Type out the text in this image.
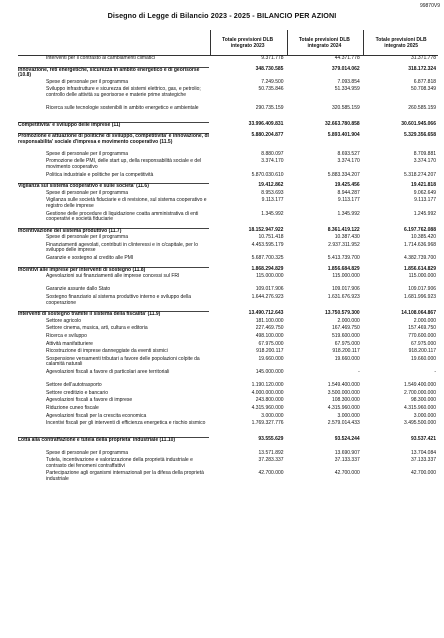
99870V9
Disegno di Legge di Bilancio 2023 - 2025 - BILANCIO PER AZIONI
Totale previsioni DLB integrato 2023
Totale previsioni DLB integrato 2024
Totale previsioni DLB integrato 2025
Interventi per il contrasto ai cambiamenti climatici	9.371.778	44.371.778	31.371.778
Innovazione, reti energetiche, sicurezza in ambito energetico e di georisorse (10.8)
348.730.585	379.014.062	318.172.324
Spese di personale per il programma	7.249.500	7.093.854	6.877.818
Sviluppo infrastrutture e sicurezza dei sistemi elettrico, gas, e petrolio; controllo delle attività su georisorse e materie prime strategiche
50.735.846	51.334.959	50.708.349
Ricerca sulle tecnologie sostenibili in ambito energetico e ambientale	290.735.159	320.585.159	260.585.159
Competitivita' e sviluppo delle imprese (11)	33.996.409.831	32.663.780.858	30.601.945.066
Promozione e attuazione di politiche di sviluppo, competitivita' e innovazione, di responsabilita' sociale d'impresa e movimento cooperativo (11.5)
5.880.204.877	5.893.401.904	5.329.356.658
Spese di personale per il programma	8.880.097	8.693.527	8.709.881
Promozione delle PMI, delle start up, della responsabilità sociale e del movimento cooperativo
3.374.170	3.374.170	3.374.170
Politica industriale e politiche per la competitività	5.870.030.610	5.883.334.207	5.318.274.207
Vigilanza sul sistema cooperativo e sulle societa' (11.6)	19.412.862	19.425.456	19.421.818
Spese di personale per il programma	8.953.693	8.944.287	9.062.649
Vigilanza sulle società fiduciarie e di revisione, sul sistema cooperativo e registro delle imprese
9.113.177	9.113.177	9.113.177
Gestione delle procedure di liquidazione coatta amministrativa di enti cooperativi e società fiduciarie
1.345.992	1.345.992	1.245.992
Incentivazione del sistema produttivo (11.7)	18.152.947.922	8.361.419.122	6.197.762.088
Spese di personale per il programma	10.751.418	10.387.430	10.385.420
Finanziamenti agevolati, contributi in c/interessi e in c/capitale, per lo sviluppo delle imprese
4.453.595.179	2.937.311.952	1.714.636.968
Garanzie e sostegno al credito alle PMI	5.687.700.325	5.413.739.700	4.382.739.700
Incentivi alle imprese per interventi di sostegno (11.8)	1.868.294.829	1.856.684.829	1.856.614.829
Agevolazioni sui finanziamenti alle imprese concessi sul FRI	115.000.000	115.000.000	115.000.000
Garanzie assunte dallo Stato	109.017.906	109.017.906	109.017.906
Sostegno finanziario al sistema produttivo interno e sviluppo della cooperazione
1.644.276.923	1.631.676.923	1.681.996.923
Interventi di sostegno tramite il sistema della fiscalita' (11.9)	13.490.712.643	13.750.579.300	14.108.064.867
Settore agricolo	181.100.000	2.000.000	2.000.000
Settore cinema, musica, arti, cultura e editoria	227.469.750	167.469.750	157.469.750
Ricerca e sviluppo	498.100.000	519.600.000	770.600.000
Attività manifatturiere	67.975.000	67.975.000	67.975.000
Ricostruzione di imprese danneggiate da eventi sismici	918.200.117	918.200.117	918.200.117
Sospensione versamenti tributari a favore delle popolazioni colpite da calamità naturali
19.660.000	19.660.000	19.660.000
Agevolazioni fiscali a favore di particolari aree territoriali	145.000.000	-	-
Settore dell'autotrasporto	1.190.120.000	1.549.400.000	1.549.400.000
Settore creditizio e bancario	4.000.000.000	3.500.000.000	2.700.000.000
Agevolazioni fiscali a favore di imprese	243.800.000	108.300.000	98.300.000
Riduzione cuneo fiscale	4.315.960.000	4.315.960.000	4.315.960.000
Agevolazioni fiscali per la crescita economica	3.000.000	3.000.000	3.000.000
Incentivi fiscali per gli interventi di efficienza energetica e rischio sismico	1.769.327.776	2.579.014.433	3.495.500.000
Lotta alla contraffazione e tutela della proprieta' industriale (11.10)	93.555.629	93.524.244	93.537.421
Spese di personale per il programma	13.571.892	13.690.907	13.704.084
Tutela, incentivazione e valorizzazione della proprietà industriale e contrasto dei fenomeni contraffattivi
37.283.337	37.133.337	37.133.337
Partecipazione agli organismi internazionali per la difesa della proprietà industriale
42.700.000	42.700.000	42.700.000
